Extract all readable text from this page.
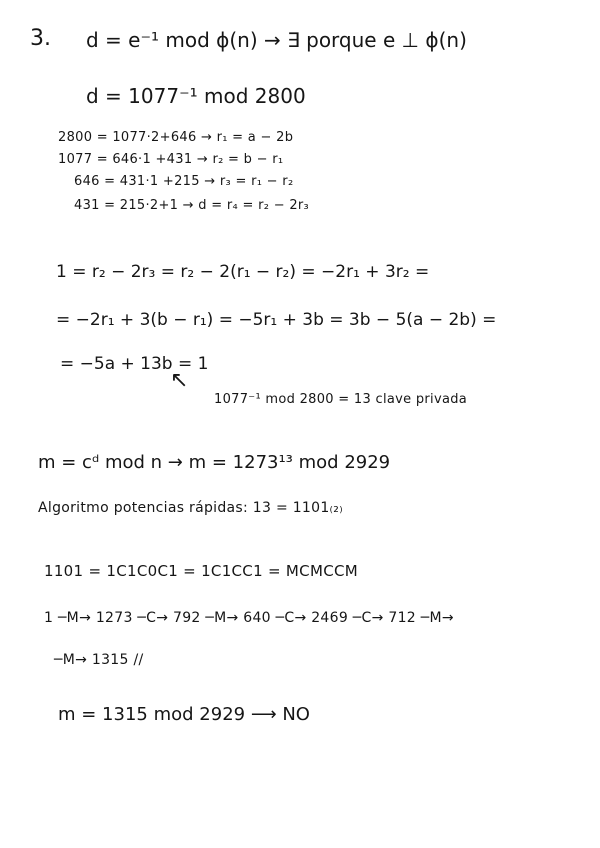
3. d = e⁻¹ mod ϕ(n) → ∃ porque e ⊥ ϕ(n)
d = 1077⁻¹ mod 2800
2800 = 1077·2+646 → r₁ = a − 2b
1077 = 646·1 +431 → r₂ = b − r₁
646 = 431·1 +215 → r₃ = r₁ − r₂
431 = 215·2+1 → d = r₄ = r₂ − 2r₃
1 = r₂ − 2r₃ = r₂ − 2(r₁ − r₂) = −2r₁ + 3r₂ =
= −2r₁ + 3(b − r₁) = −5r₁ + 3b = 3b − 5(a − 2b) =
= −5a + 13b = 1
↖
1077⁻¹ mod 2800 = 13 clave privada
m = cᵈ mod n → m = 1273¹³ mod 2929
Algoritmo potencias rápidas: 13 = 1101₍₂₎
1101 = 1C1C0C1 = 1C1CC1 = MCMCCM
1 ─M→ 1273 ─C→ 792 ─M→ 640 ─C→ 2469 ─C→ 712 ─M→
─M→ 1315 //
m = 1315 mod 2929 ⟶ NO
